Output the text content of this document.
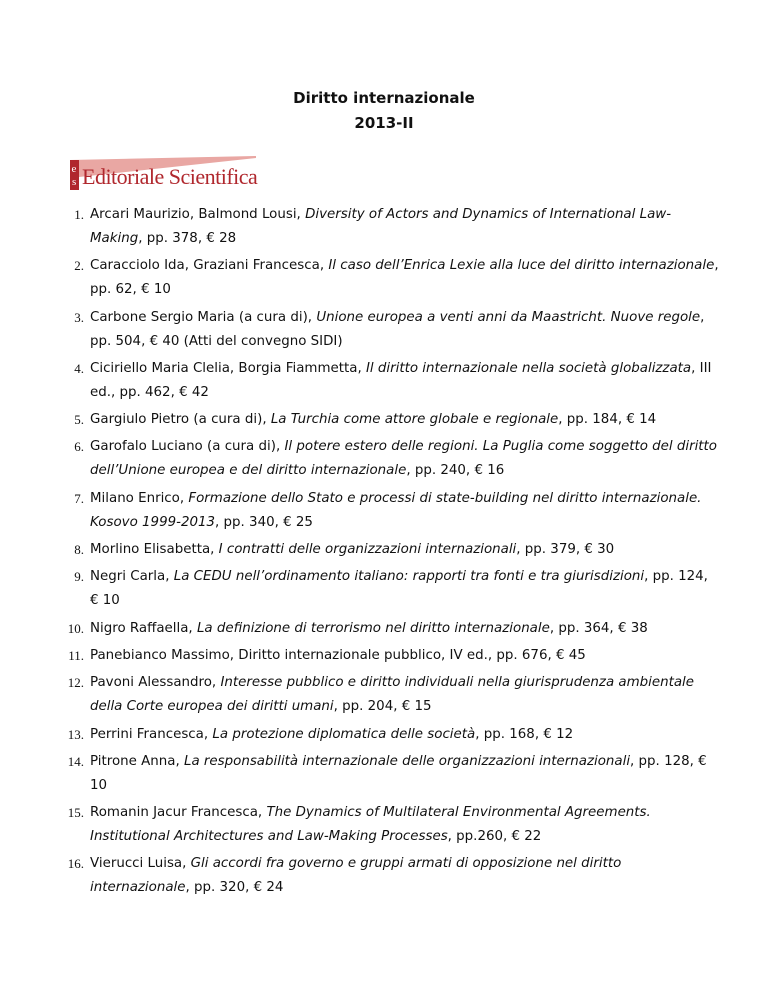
Diritto internazionale
2013-II
e
s Editoriale Scientifica
1. Arcari Maurizio, Balmond Lousi, Diversity of Actors and Dynamics of International Law-Making, pp. 378, € 28
2. Caracciolo Ida, Graziani Francesca, Il caso dell’Enrica Lexie alla luce del diritto internazionale, pp. 62, € 10
3. Carbone Sergio Maria (a cura di), Unione europea a venti anni da Maastricht. Nuove regole, pp. 504, € 40 (Atti del convegno SIDI)
4. Ciciriello Maria Clelia, Borgia Fiammetta, Il diritto internazionale nella società globalizzata, III ed., pp. 462, € 42
5. Gargiulo Pietro (a cura di), La Turchia come attore globale e regionale, pp. 184, € 14
6. Garofalo Luciano (a cura di), Il potere estero delle regioni. La Puglia come soggetto del diritto dell’Unione europea e del diritto internazionale, pp. 240, € 16
7. Milano Enrico, Formazione dello Stato e processi di state-building nel diritto internazionale. Kosovo 1999-2013, pp. 340, € 25
8. Morlino Elisabetta, I contratti delle organizzazioni internazionali, pp. 379, € 30
9. Negri Carla, La CEDU nell’ordinamento italiano: rapporti tra fonti e tra giurisdizioni, pp. 124, € 10
10. Nigro Raffaella, La definizione di terrorismo nel diritto internazionale, pp. 364, € 38
11. Panebianco Massimo, Diritto internazionale pubblico, IV ed., pp. 676, € 45
12. Pavoni Alessandro, Interesse pubblico e diritto individuali nella giurisprudenza ambientale della Corte europea dei diritti umani, pp. 204, € 15
13. Perrini Francesca, La protezione diplomatica delle società, pp. 168, € 12
14. Pitrone Anna, La responsabilità internazionale delle organizzazioni internazionali, pp. 128, € 10
15. Romanin Jacur Francesca, The Dynamics of Multilateral Environmental Agreements. Institutional Architectures and Law-Making Processes, pp.260, € 22
16. Vierucci Luisa, Gli accordi fra governo e gruppi armati di opposizione nel diritto internazionale, pp. 320, € 24
